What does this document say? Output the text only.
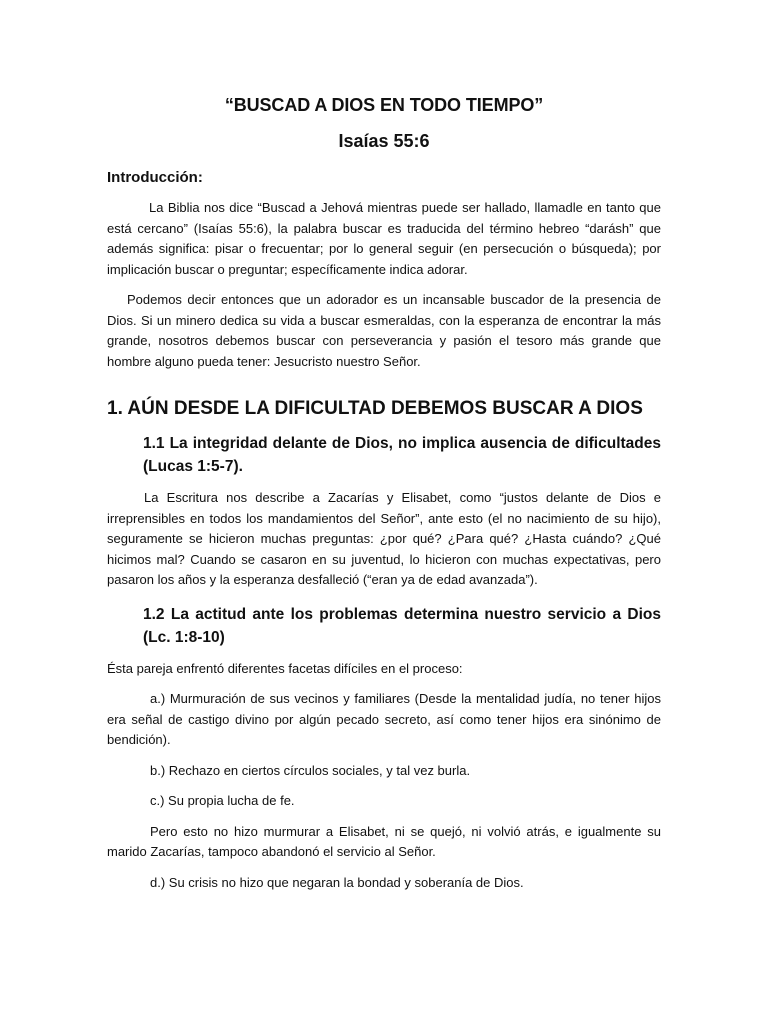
“BUSCAD A DIOS EN TODO TIEMPO”
Isaías 55:6
Introducción:

La Biblia nos dice “Buscad a Jehová mientras puede ser hallado, llamadle en tanto que está cercano” (Isaías 55:6), la palabra buscar es traducida del término hebreo “darásh” que además significa: pisar o frecuentar; por lo general seguir (en persecución o búsqueda); por implicación buscar o preguntar; específicamente indica adorar.

Podemos decir entonces que un adorador es un incansable buscador de la presencia de Dios. Si un minero dedica su vida a buscar esmeraldas, con la esperanza de encontrar la más grande, nosotros debemos buscar con perseverancia y pasión el tesoro más grande que hombre alguno pueda tener: Jesucristo nuestro Señor.

1. AÚN DESDE LA DIFICULTAD DEBEMOS BUSCAR A DIOS
1.1 La integridad delante de Dios, no implica ausencia de dificultades (Lucas 1:5-7).

La Escritura nos describe a Zacarías y Elisabet, como “justos delante de Dios e irreprensibles en todos los mandamientos del Señor”, ante esto (el no nacimiento de su hijo), seguramente se hicieron muchas preguntas: ¿por qué? ¿Para qué? ¿Hasta cuándo? ¿Qué hicimos mal? Cuando se casaron en su juventud, lo hicieron con muchas expectativas, pero pasaron los años y la esperanza desfalleció (“eran ya de edad avanzada”).

1.2 La actitud ante los problemas determina nuestro servicio a Dios (Lc. 1:8-10)

Ésta pareja enfrentó diferentes facetas difíciles en el proceso:

a.) Murmuración de sus vecinos y familiares (Desde la mentalidad judía, no tener hijos era señal de castigo divino por algún pecado secreto, así como tener hijos era sinónimo de bendición).

b.) Rechazo en ciertos círculos sociales, y tal vez burla.

c.) Su propia lucha de fe.

Pero esto no hizo murmurar a Elisabet, ni se quejó, ni volvió atrás, e igualmente su marido Zacarías, tampoco abandonó el servicio al Señor.

d.) Su crisis no hizo que negaran la bondad y soberanía de Dios.
